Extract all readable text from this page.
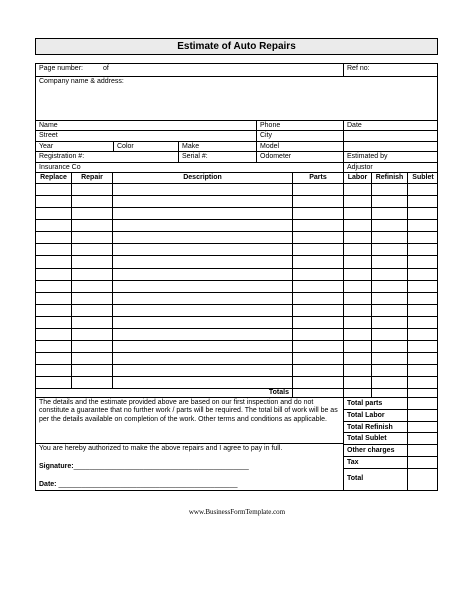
Estimate of Auto Repairs
Page number:	of	Ref no:
Company name & address:
Name	Phone	Date
Street	City
Year	Color	Make	Model
Registration #:	Serial #:	Odometer	Estimated by
Insurance Co	Adjustor
Replace	Repair	Description	Parts	Labor	Refinish	Sublet
Totals
The details and the estimate provided above are based on our first inspection and do not constitute a guarantee that no further work / parts will be required. The total bill of work will be as per the details available on completion of the work. Other terms and conditions as applicable.
You are hereby authorized to make the above repairs and I agree to pay in full.
Signature:_____________________________________________
Date: ______________________________________________
Total parts
Total Labor
Total Refinish
Total Sublet
Other charges
Tax
Total
www.BusinessFormTemplate.com
